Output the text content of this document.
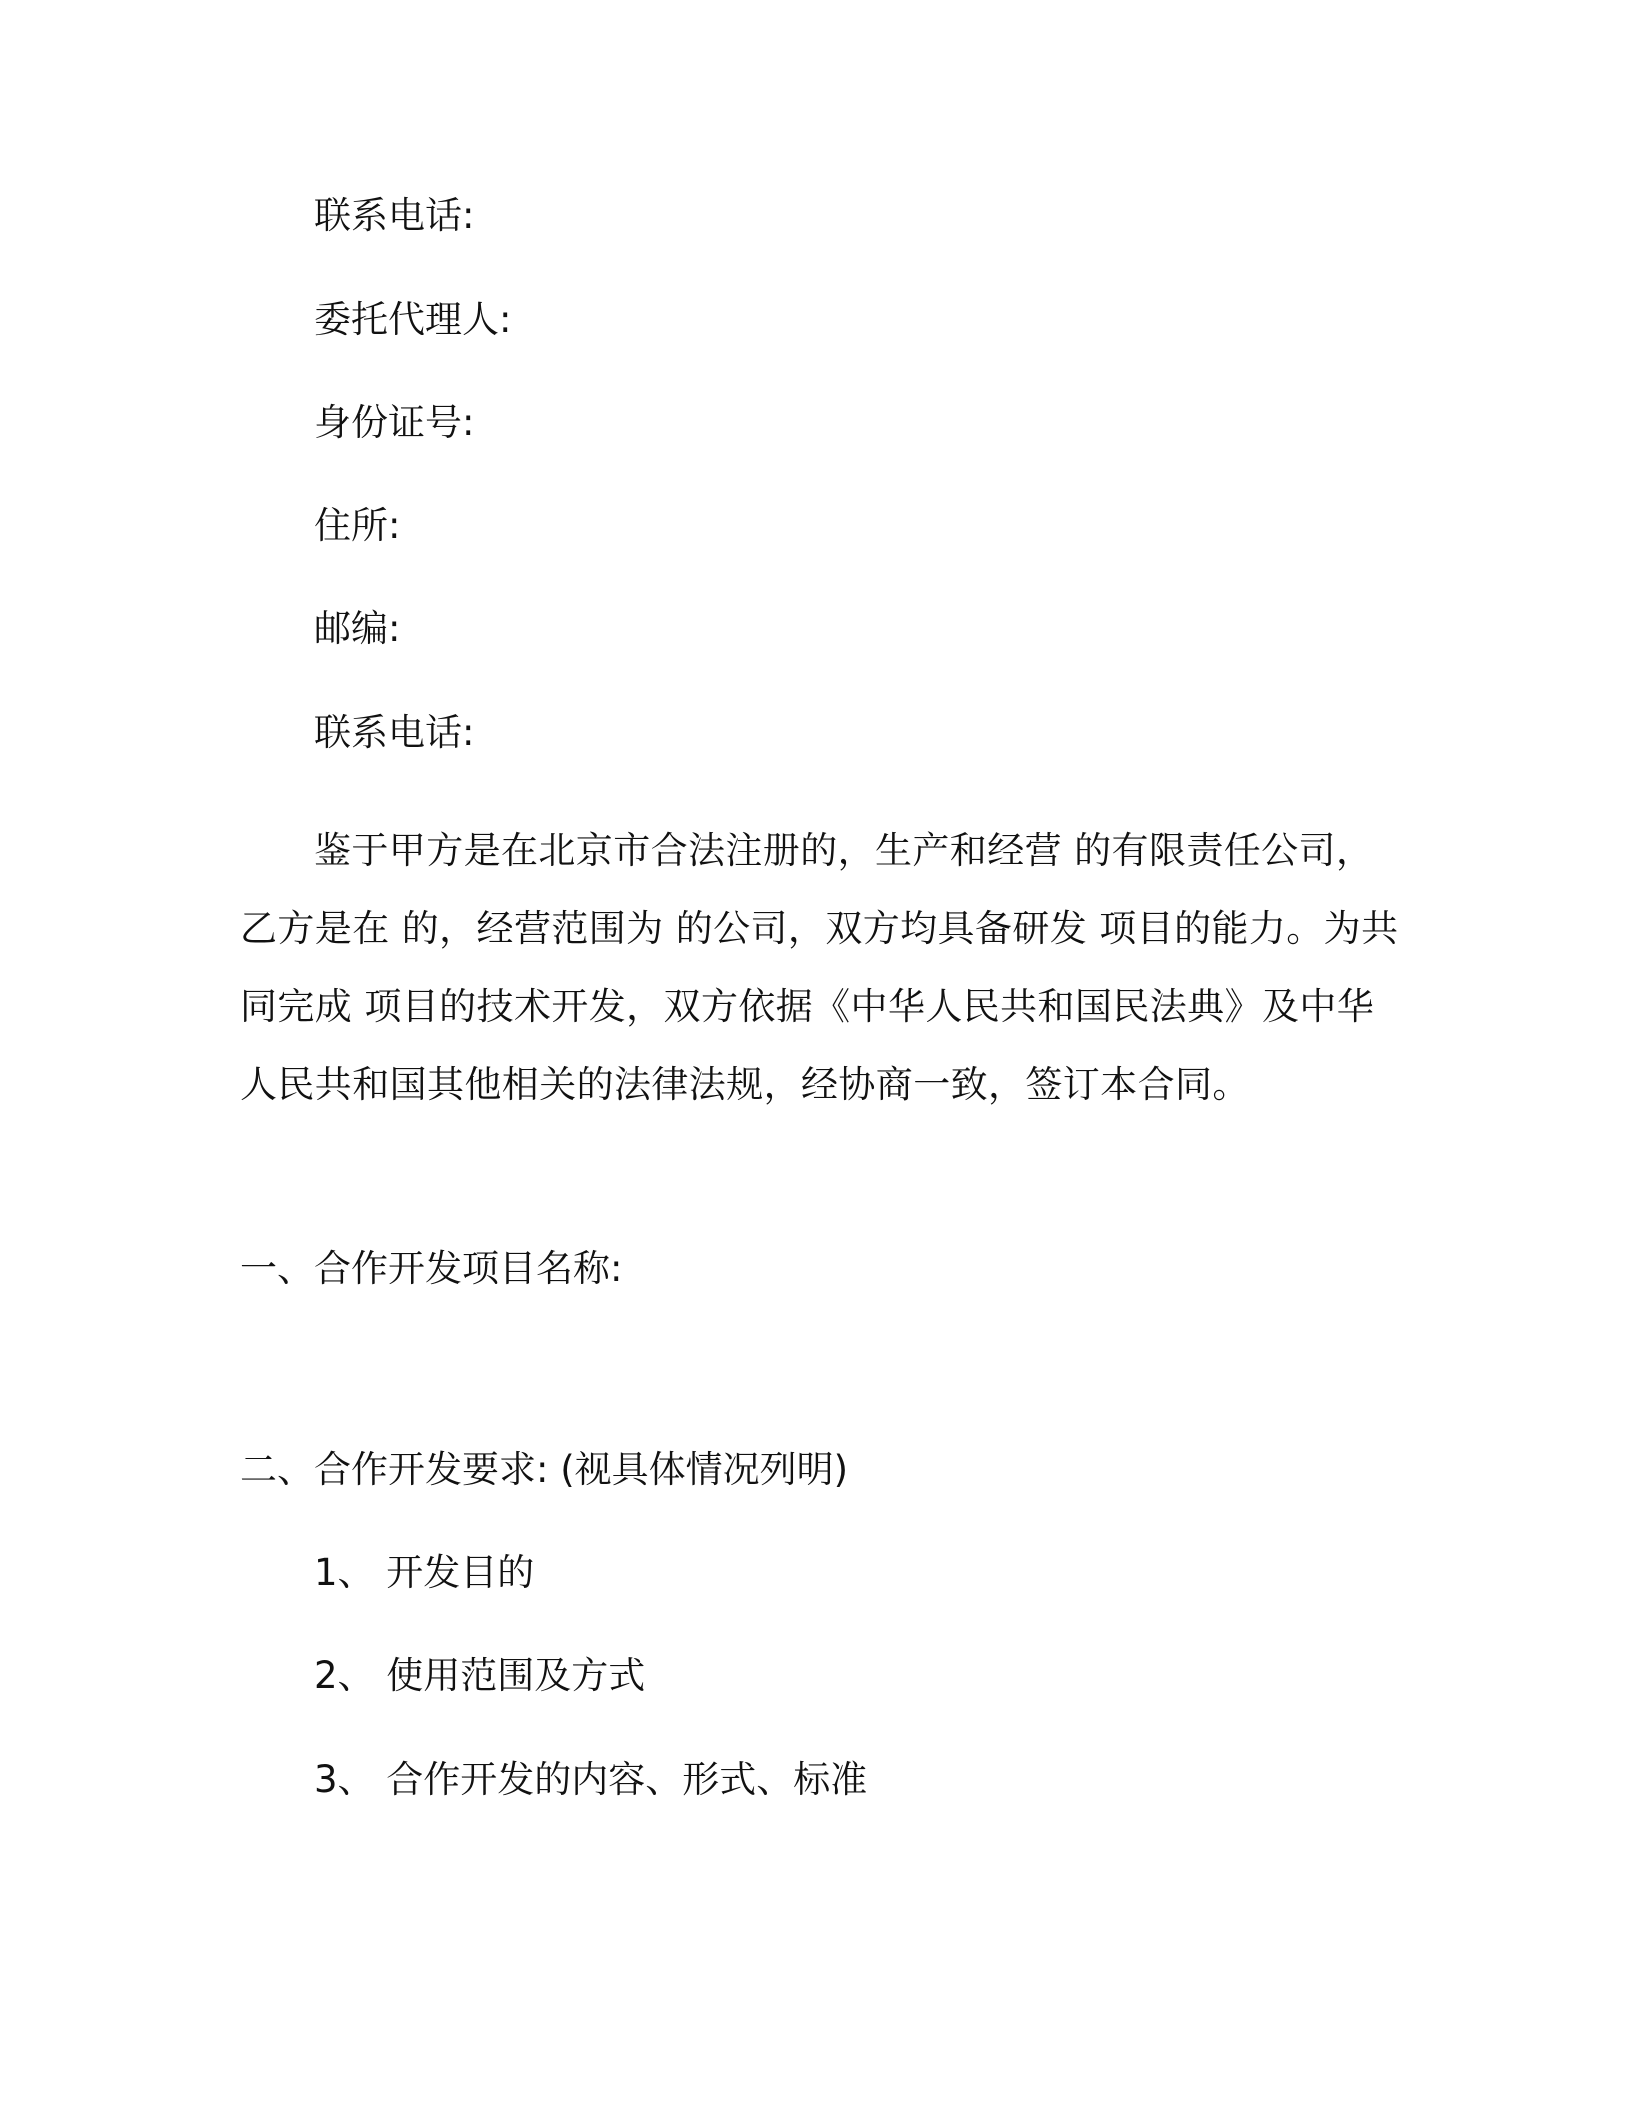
联系电话:
委托代理人:
身份证号:
住所:
邮编:
联系电话:
鉴于甲方是在北京市合法注册的，生产和经营 的有限责任公司，
乙方是在 的，经营范围为 的公司，双方均具备研发 项目的能力。为共
同完成 项目的技术开发，双方依据《中华人民共和国民法典》及中华
人民共和国其他相关的法律法规，经协商一致，签订本合同。
一、合作开发项目名称:
二、合作开发要求: (视具体情况列明)
1、 开发目的
2、 使用范围及方式
3、 合作开发的内容、形式、标准
